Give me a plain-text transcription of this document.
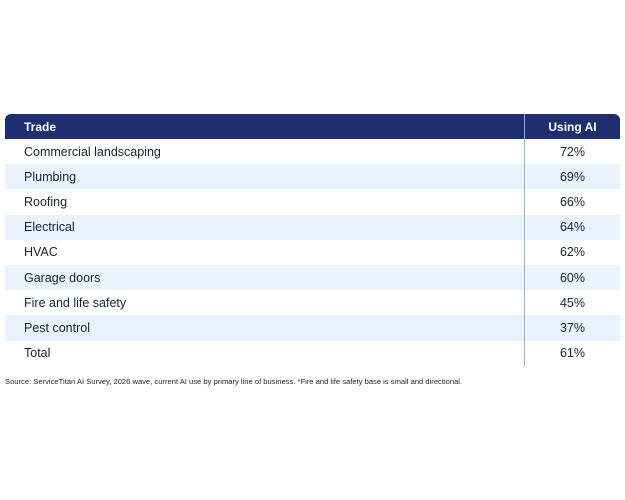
Trade	Using AI
Commercial landscaping	72%
Plumbing	69%
Roofing	66%
Electrical	64%
HVAC	62%
Garage doors	60%
Fire and life safety	45%
Pest control	37%
Total	61%
Source: ServiceTitan AI Survey, 2026 wave, current AI use by primary line of business. *Fire and life safety base is small and directional.
